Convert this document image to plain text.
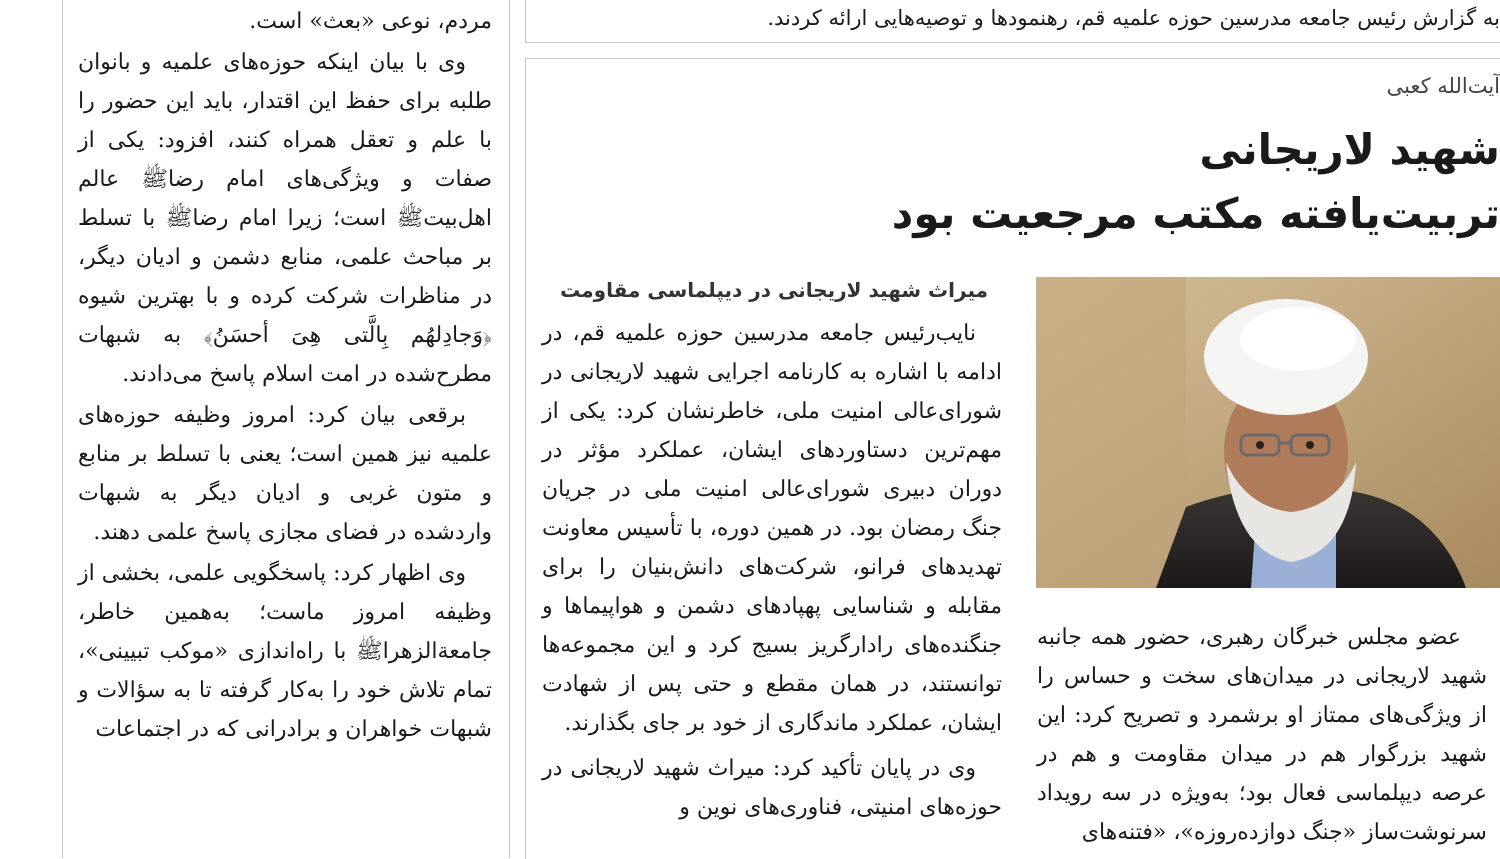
به گزارش رئیس جامعه مدرسین حوزه علمیه قم، رهنمودها و توصیه‌هایی ارائه کردند.

مردم، نوعی «بعث» است.

وی با بیان اینکه حوزه‌های علمیه و بانوان طلبه برای حفظ این اقتدار، باید این حضور را با علم و تعقل همراه کنند، افزود: یکی از صفات و ویژگی‌های امام رضاﷺ عالم اهل‌بیتﷺ است؛ زیرا امام رضاﷺ با تسلط بر مباحث علمی، منابع دشمن و ادیان دیگر، در مناظرات شرکت کرده و با بهترین شیوه ﴿وَجادِلهُم بِالَّتی هِیَ أحسَنُ﴾ به شبهات مطرح‌شده در امت اسلام پاسخ می‌دادند.

برقعی بیان کرد: امروز وظیفه حوزه‌های علمیه نیز همین است؛ یعنی با تسلط بر منابع و متون غربی و ادیان دیگر به شبهات واردشده در فضای مجازی پاسخ علمی دهند.

وی اظهار کرد: پاسخگویی علمی، بخشی از وظیفه امروز ماست؛ به‌همین خاطر، جامعة‌الزهراﷺ با راه‌اندازی «موکب تبیینی»، تمام تلاش خود را به‌کار گرفته تا به سؤالات و شبهات خواهران و برادرانی که در اجتماعات

آیت‌الله کعبی
شهید لاریجانی
تربیت‌یافته مکتب مرجعیت بود
میراث شهید لاریجانی در دیپلماسی مقاومت

نایب‌رئیس جامعه مدرسین حوزه علمیه قم، در ادامه با اشاره به کارنامه اجرایی شهید لاریجانی در شورای‌عالی امنیت ملی، خاطرنشان کرد: یکی از مهم‌ترین دستاوردهای ایشان، عملکرد مؤثر در دوران دبیری شورای‌عالی امنیت ملی در جریان جنگ رمضان بود. در همین دوره، با تأسیس معاونت تهدیدهای فرانو، شرکت‌های دانش‌بنیان را برای مقابله و شناسایی پهپادهای دشمن و هواپیماها و جنگنده‌های رادارگریز بسیج کرد و این مجموعه‌ها توانستند، در همان مقطع و حتی پس از شهادت ایشان، عملکرد ماندگاری از خود بر جای بگذارند.

وی در پایان تأکید کرد: میراث شهید لاریجانی در حوزه‌های امنیتی، فناوری‌های نوین و

عضو مجلس خبرگان رهبری، حضور همه جانبه شهید لاریجانی در میدان‌های سخت و حساس را از ویژگی‌های ممتاز او برشمرد و تصریح کرد: این شهید بزرگوار هم در میدان مقاومت و هم در عرصه دیپلماسی فعال بود؛ به‌ویژه در سه رویداد سرنوشت‌ساز «جنگ دوازده‌روزه»، «فتنه‌های
